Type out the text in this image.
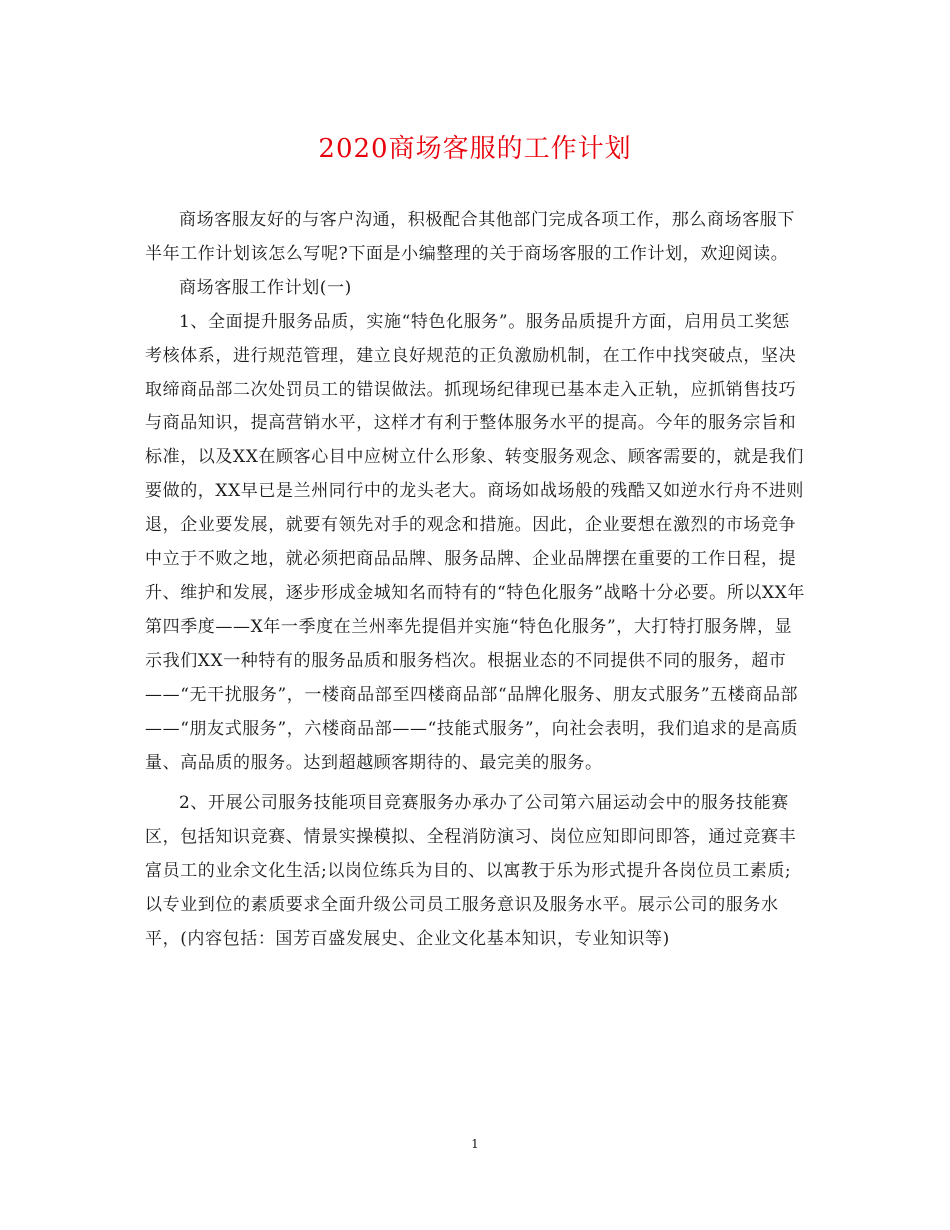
2020商场客服的工作计划

商场客服友好的与客户沟通，积极配合其他部门完成各项工作，那么商场客服下半年工作计划该怎么写呢?下面是小编整理的关于商场客服的工作计划，欢迎阅读。

商场客服工作计划(一)

1、全面提升服务品质，实施“特色化服务”。服务品质提升方面，启用员工奖惩考核体系，进行规范管理，建立良好规范的正负激励机制，在工作中找突破点，坚决取缔商品部二次处罚员工的错误做法。抓现场纪律现已基本走入正轨，应抓销售技巧与商品知识，提高营销水平，这样才有利于整体服务水平的提高。今年的服务宗旨和标准，以及XX在顾客心目中应树立什么形象、转变服务观念、顾客需要的，就是我们要做的，XX早已是兰州同行中的龙头老大。商场如战场般的残酷又如逆水行舟不进则退，企业要发展，就要有领先对手的观念和措施。因此，企业要想在激烈的市场竞争中立于不败之地，就必须把商品品牌、服务品牌、企业品牌摆在重要的工作日程，提升、维护和发展，逐步形成金城知名而特有的“特色化服务”战略十分必要。所以XX年第四季度——X年一季度在兰州率先提倡并实施“特色化服务”，大打特打服务牌，显示我们XX一种特有的服务品质和服务档次。根据业态的不同提供不同的服务，超市——“无干扰服务”，一楼商品部至四楼商品部“品牌化服务、朋友式服务”五楼商品部——“朋友式服务”，六楼商品部——“技能式服务”，向社会表明，我们追求的是高质量、高品质的服务。达到超越顾客期待的、最完美的服务。

2、开展公司服务技能项目竞赛服务办承办了公司第六届运动会中的服务技能赛区，包括知识竞赛、情景实操模拟、全程消防演习、岗位应知即问即答，通过竞赛丰富员工的业余文化生活;以岗位练兵为目的、以寓教于乐为形式提升各岗位员工素质;以专业到位的素质要求全面升级公司员工服务意识及服务水平。展示公司的服务水平，(内容包括：国芳百盛发展史、企业文化基本知识，专业知识等)

1
